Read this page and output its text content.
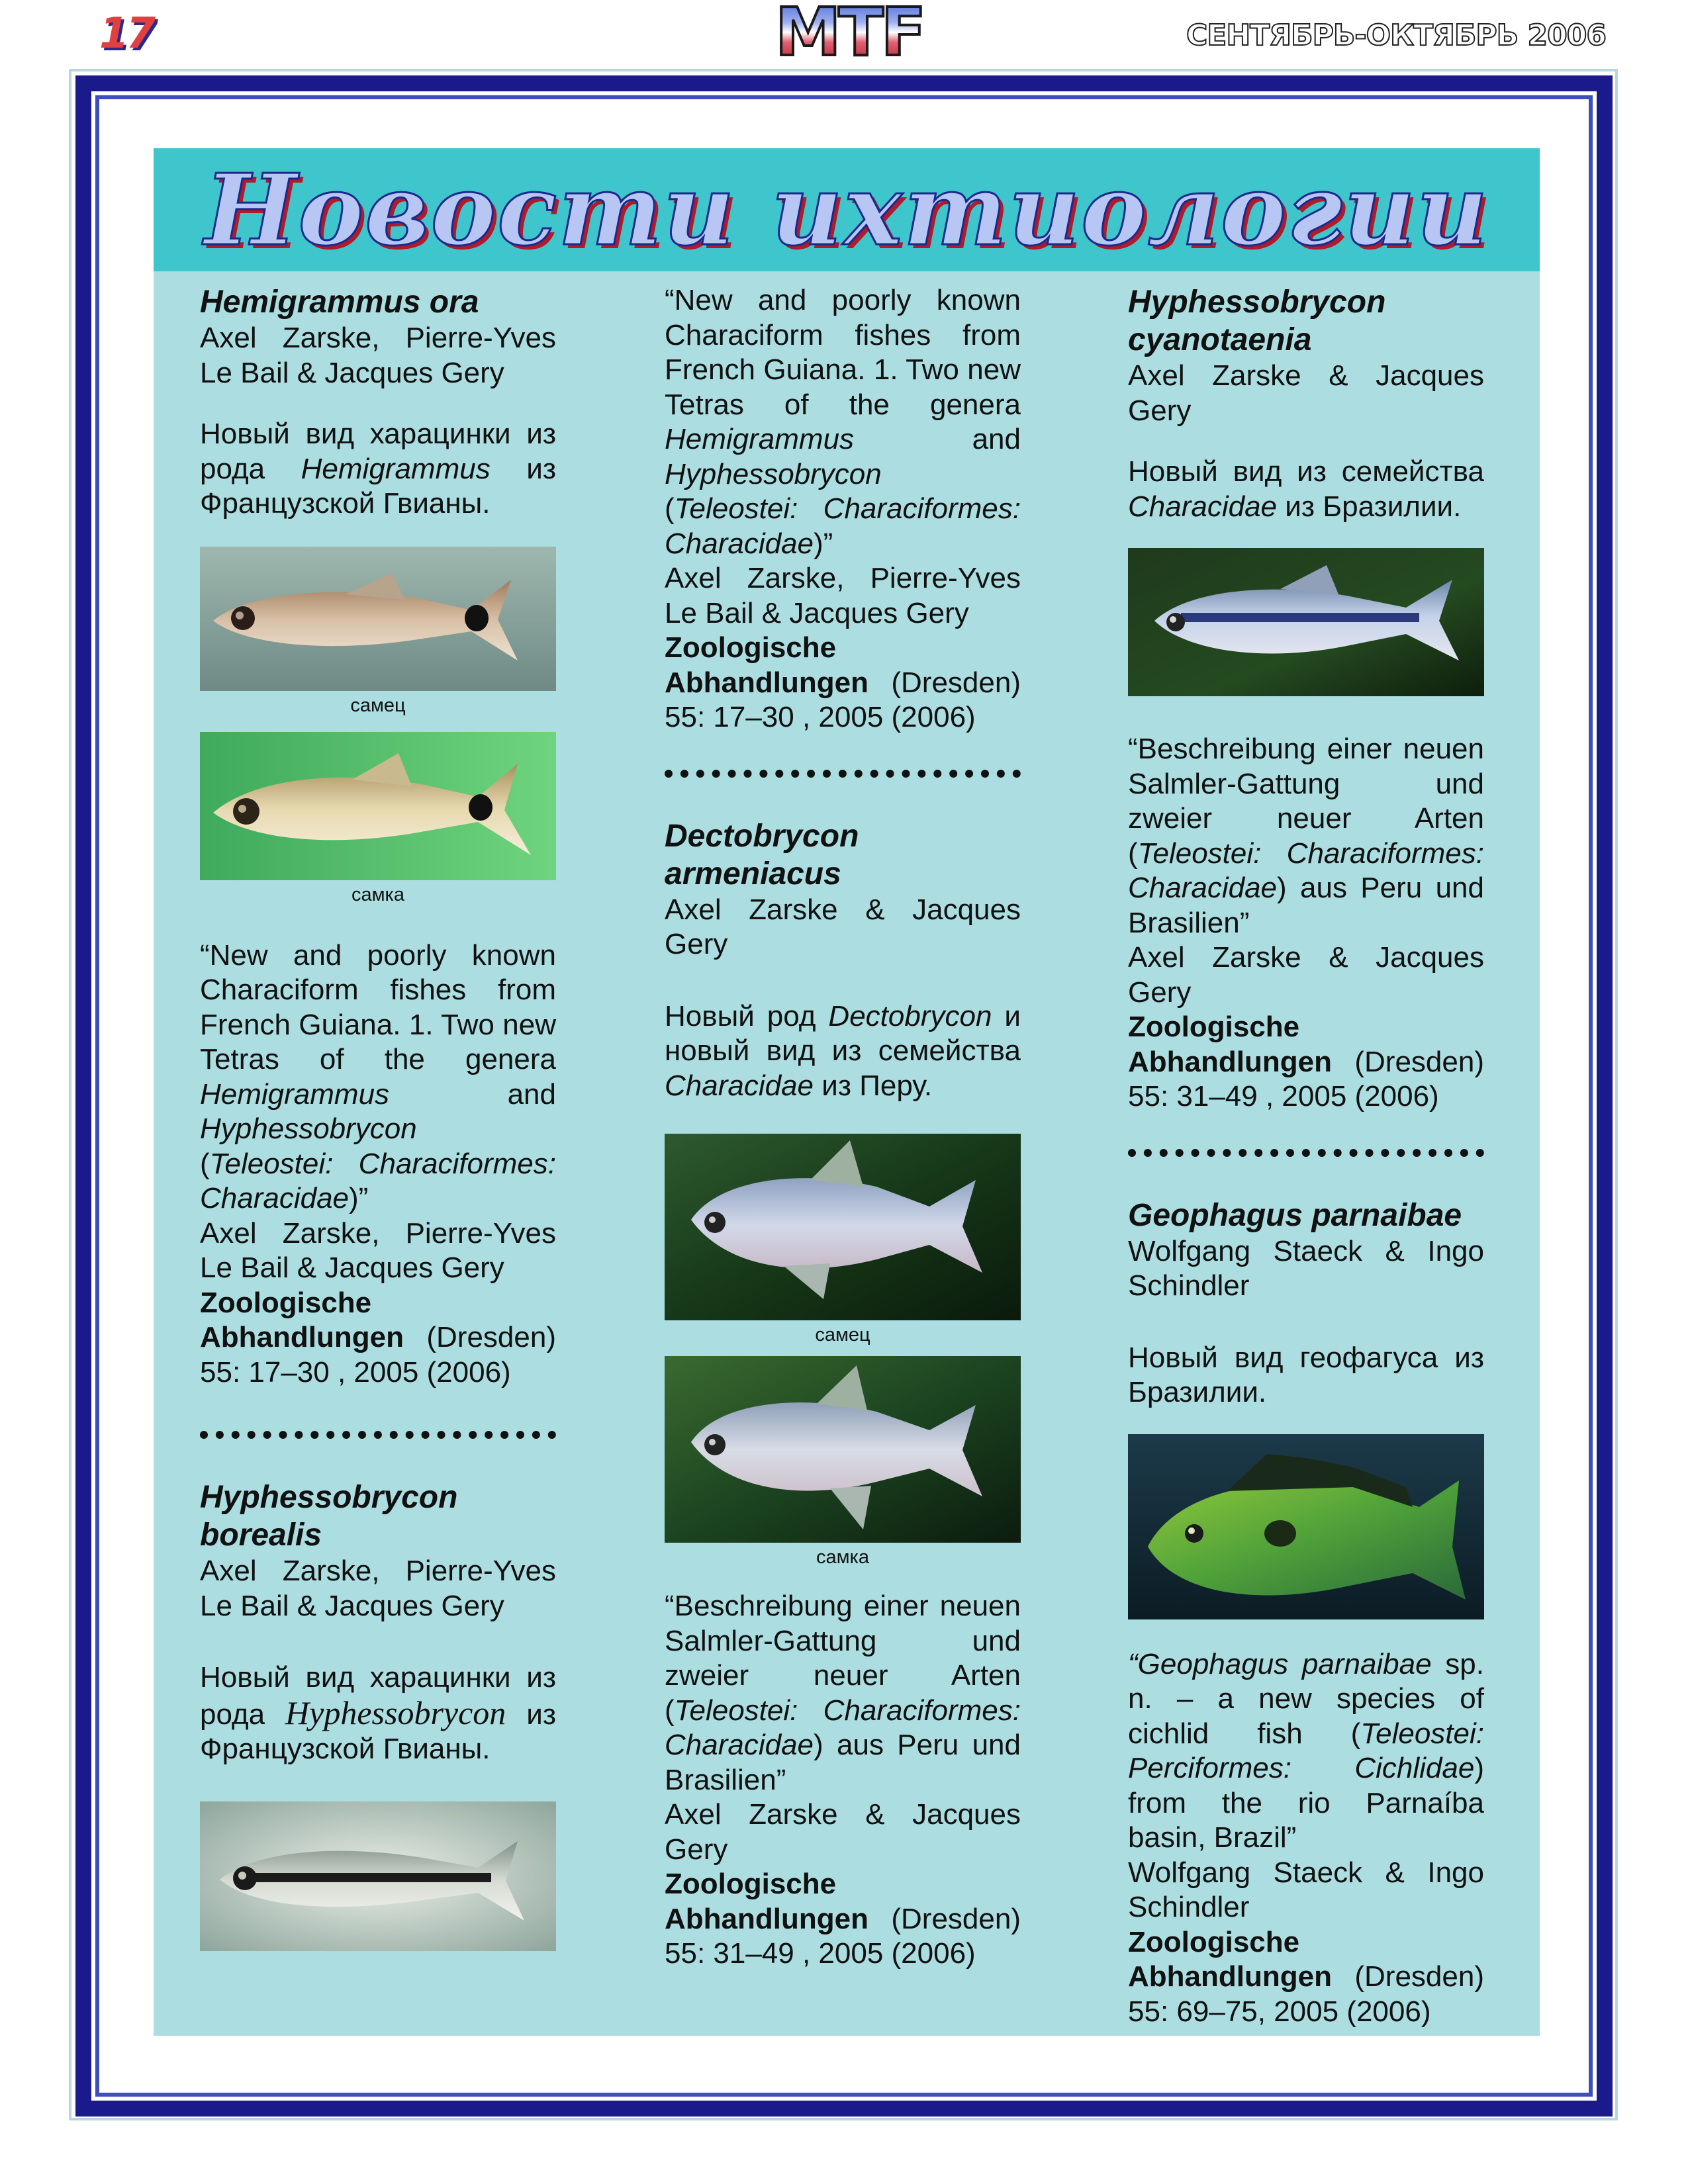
17	МТF	СЕНТЯБРЬ-ОКТЯБРЬ 2006
Новости ихтиологии
Hemigrammus ora

Axel Zarske, Pierre-Yves Le Bail & Jacques Gery

Новый вид харацинки из рода Hemigrammus из Французской Гвианы.

самец
самка

“New and poorly known Characiform fishes from French Guiana. 1. Two new Tetras of the genera Hemigrammus and Hyphessobrycon (Teleostei: Characiformes: Characidae)”

Axel Zarske, Pierre-Yves Le Bail & Jacques Gery

Zoologische Abhandlungen (Dresden) 55: 17–30 , 2005 (2006)

Hyphessobrycon borealis

Axel Zarske, Pierre-Yves Le Bail & Jacques Gery

Новый вид харацинки из рода Hyphessobrycon из Французской Гвианы.

“New and poorly known Characiform fishes from French Guiana. 1. Two new Tetras of the genera Hemigrammus and Hyphessobrycon (Teleostei: Characiformes: Characidae)”

Axel Zarske, Pierre-Yves Le Bail & Jacques Gery

Zoologische Abhandlungen (Dresden) 55: 17–30 , 2005 (2006)

Dectobrycon armeniacus

Axel Zarske & Jacques Gery

Новый род Dectobrycon и новый вид из семейства Characidae из Перу.

самец
самка

“Beschreibung einer neuen Salmler-Gattung und zweier neuer Arten (Teleostei: Characiformes: Characidae) aus Peru und Brasilien”

Axel Zarske & Jacques Gery

Zoologische Abhandlungen (Dresden) 55: 31–49 , 2005 (2006)

Hyphessobrycon cyanotaenia

Axel Zarske & Jacques Gery

Новый вид из семейства Characidae из Бразилии.

“Beschreibung einer neuen Salmler-Gattung und zweier neuer Arten (Teleostei: Characiformes: Characidae) aus Peru und Brasilien”

Axel Zarske & Jacques Gery

Zoologische Abhandlungen (Dresden) 55: 31–49 , 2005 (2006)

Geophagus parnaibae

Wolfgang Staeck & Ingo Schindler

Новый вид геофагуса из Бразилии.

“Geophagus parnaibae sp. n. – a new species of cichlid fish (Teleostei: Perciformes: Cichlidae) from the rio Parnaíba basin, Brazil”

Wolfgang Staeck & Ingo Schindler

Zoologische Abhandlungen (Dresden) 55: 69–75, 2005 (2006)
